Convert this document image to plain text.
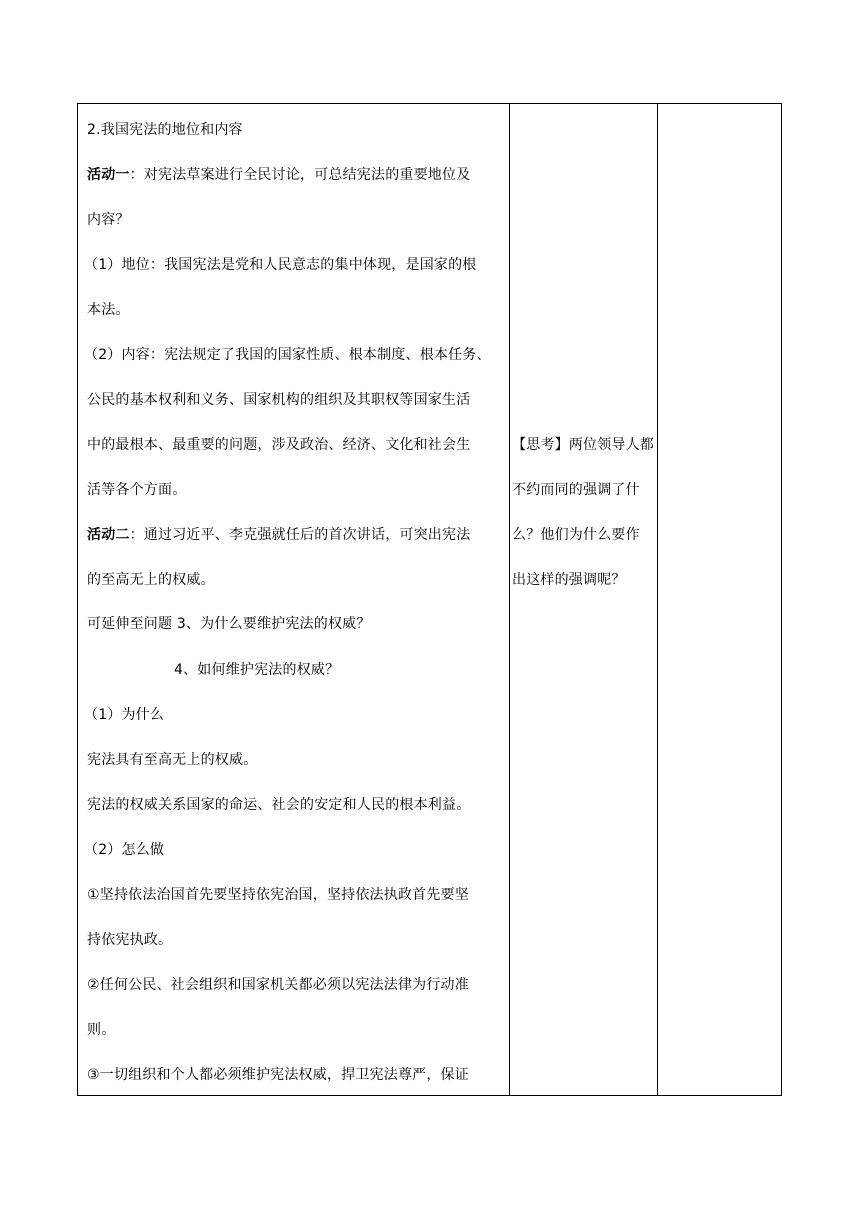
2.我国宪法的地位和内容
活动一：对宪法草案进行全民讨论，可总结宪法的重要地位及
内容？
（1）地位：我国宪法是党和人民意志的集中体现，是国家的根
本法。
（2）内容：宪法规定了我国的国家性质、根本制度、根本任务、
公民的基本权利和义务、国家机构的组织及其职权等国家生活
中的最根本、最重要的问题，涉及政治、经济、文化和社会生
活等各个方面。
活动二：通过习近平、李克强就任后的首次讲话，可突出宪法
的至高无上的权威。
可延伸至问题 3、为什么要维护宪法的权威？
4、如何维护宪法的权威？
（1）为什么
宪法具有至高无上的权威。
宪法的权威关系国家的命运、社会的安定和人民的根本利益。
（2）怎么做
①坚持依法治国首先要坚持依宪治国，坚持依法执政首先要坚
持依宪执政。
②任何公民、社会组织和国家机关都必须以宪法法律为行动准
则。
③一切组织和个人都必须维护宪法权威，捍卫宪法尊严，保证
【思考】两位领导人都
不约而同的强调了什
么？他们为什么要作
出这样的强调呢？
